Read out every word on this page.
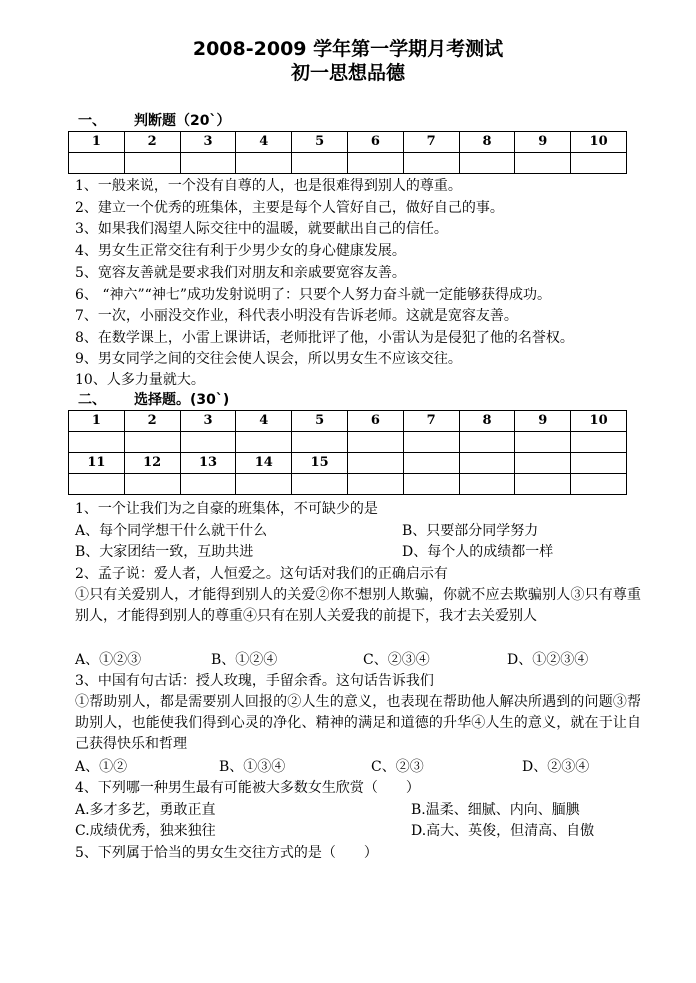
2008-2009 学年第一学期月考测试
初一思想品德
一、 判断题（20`）
1	2	3	4	5	6	7	8	9	10

1、一般来说，一个没有自尊的人，也是很难得到别人的尊重。
2、建立一个优秀的班集体，主要是每个人管好自己，做好自己的事。
3、如果我们渴望人际交往中的温暖，就要献出自己的信任。
4、男女生正常交往有利于少男少女的身心健康发展。
5、宽容友善就是要求我们对朋友和亲戚要宽容友善。
6、 “神六”“神七”成功发射说明了：只要个人努力奋斗就一定能够获得成功。
7、一次，小丽没交作业，科代表小明没有告诉老师。这就是宽容友善。
8、在数学课上，小雷上课讲话，老师批评了他，小雷认为是侵犯了他的名誉权。
9、男女同学之间的交往会使人误会，所以男女生不应该交往。
10、人多力量就大。
二、 选择题。(30`)
1	2	3	4	5	6	7	8	9	10

11	12	13	14	15					

1、一个让我们为之自豪的班集体，不可缺少的是
A、每个同学想干什么就干什么	B、只要部分同学努力
B、大家团结一致，互助共进	D、每个人的成绩都一样
2、孟子说：爱人者，人恒爱之。这句话对我们的正确启示有
①只有关爱别人，才能得到别人的关爱②你不想别人欺骗，你就不应去欺骗别人③只有尊重别人，才能得到别人的尊重④只有在别人关爱我的前提下，我才去关爱别人
A、①②③	B、①②④	C、②③④	D、①②③④
3、中国有句古话：授人玫瑰，手留余香。这句话告诉我们
①帮助别人，都是需要别人回报的②人生的意义，也表现在帮助他人解决所遇到的问题③帮助别人，也能使我们得到心灵的净化、精神的满足和道德的升华④人生的意义，就在于让自己获得快乐和哲理
A、①②	B、①③④	C、②③	D、②③④
4、下列哪一种男生最有可能被大多数女生欣赏（　　）
A.多才多艺，勇敢正直	B.温柔、细腻、内向、腼腆
C.成绩优秀，独来独往	D.高大、英俊，但清高、自傲
5、下列属于恰当的男女生交往方式的是（　　）
